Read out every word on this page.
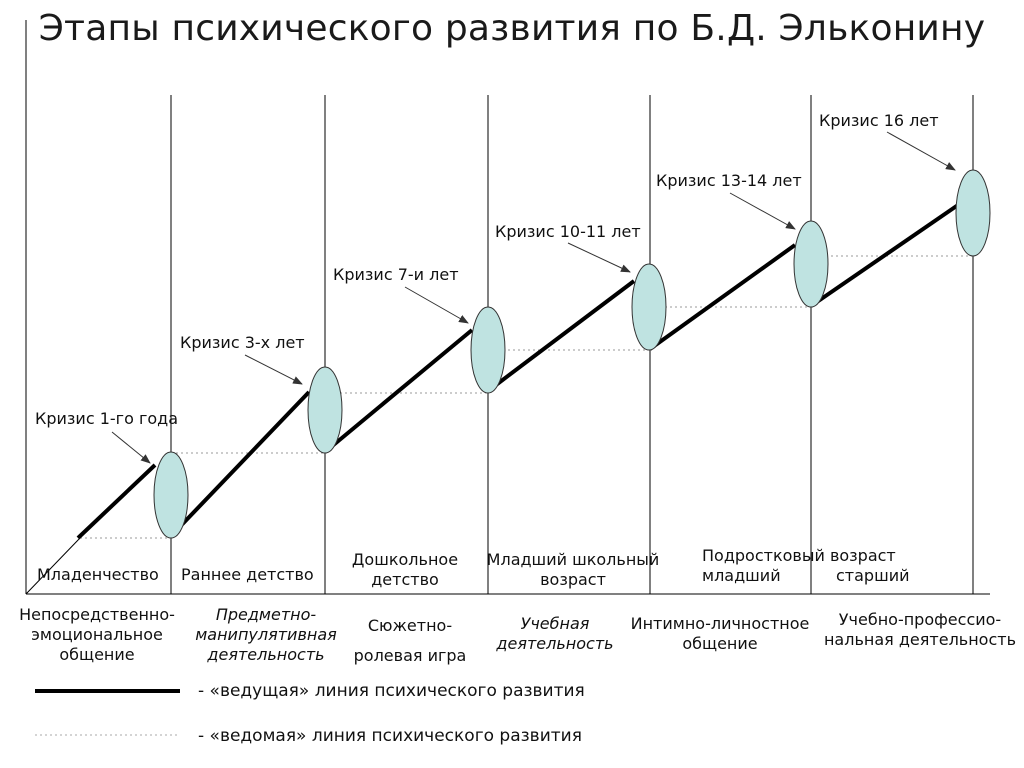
Этапы психического развития по Б.Д. Эльконину
Кризис 1-го года
Кризис 3-х лет
Кризис 7-и лет
Кризис 10-11 лет
Кризис 13-14 лет
Кризис 16 лет
Младенчество Раннее детство
Дошкольное
детство
Младший школьный
возраст
Подростковый возраст
младший	старший
Непосредственно-
эмоциональное
общение
Предметно-
манипулятивная
деятельность
Сюжетно-
ролевая игра
Учебная
деятельность
Интимно-личностное
общение
Учебно-профессио-
нальная деятельность
- «ведущая» линия психического развития
- «ведомая» линия психического развития
